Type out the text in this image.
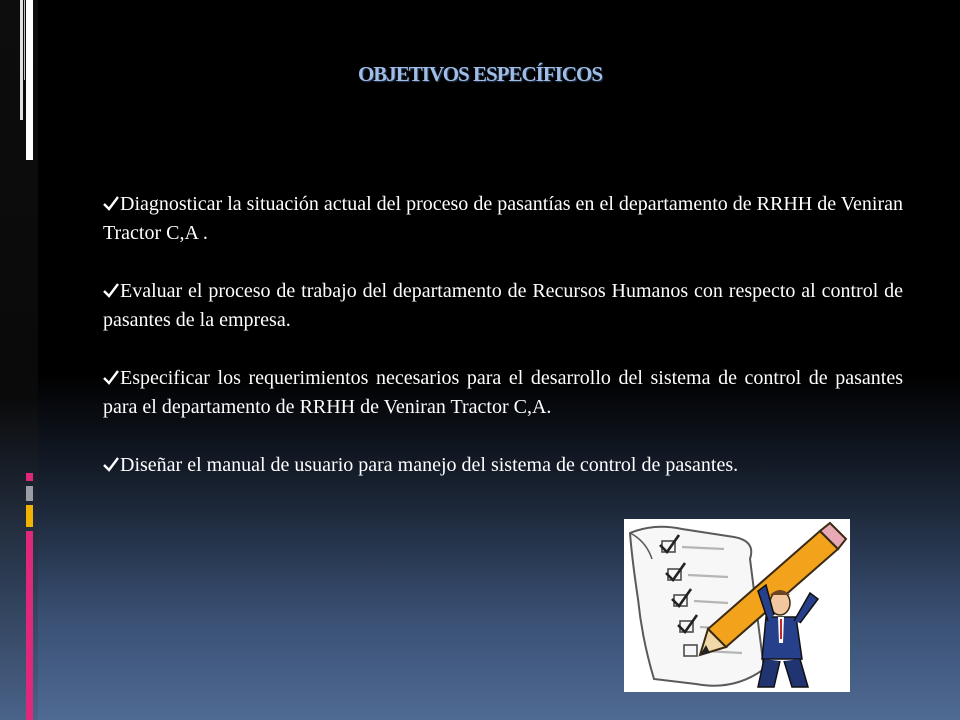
OBJETIVOS ESPECÍFICOS
Diagnosticar la situación actual del proceso de pasantías en el departamento de RRHH de Veniran Tractor C,A .
Evaluar el proceso de trabajo del departamento de Recursos Humanos con respecto al control de pasantes de la empresa.
Especificar los requerimientos necesarios para el desarrollo del sistema de control de pasantes para el departamento de RRHH de Veniran Tractor C,A.
Diseñar el manual de usuario para manejo del sistema de control de pasantes.
